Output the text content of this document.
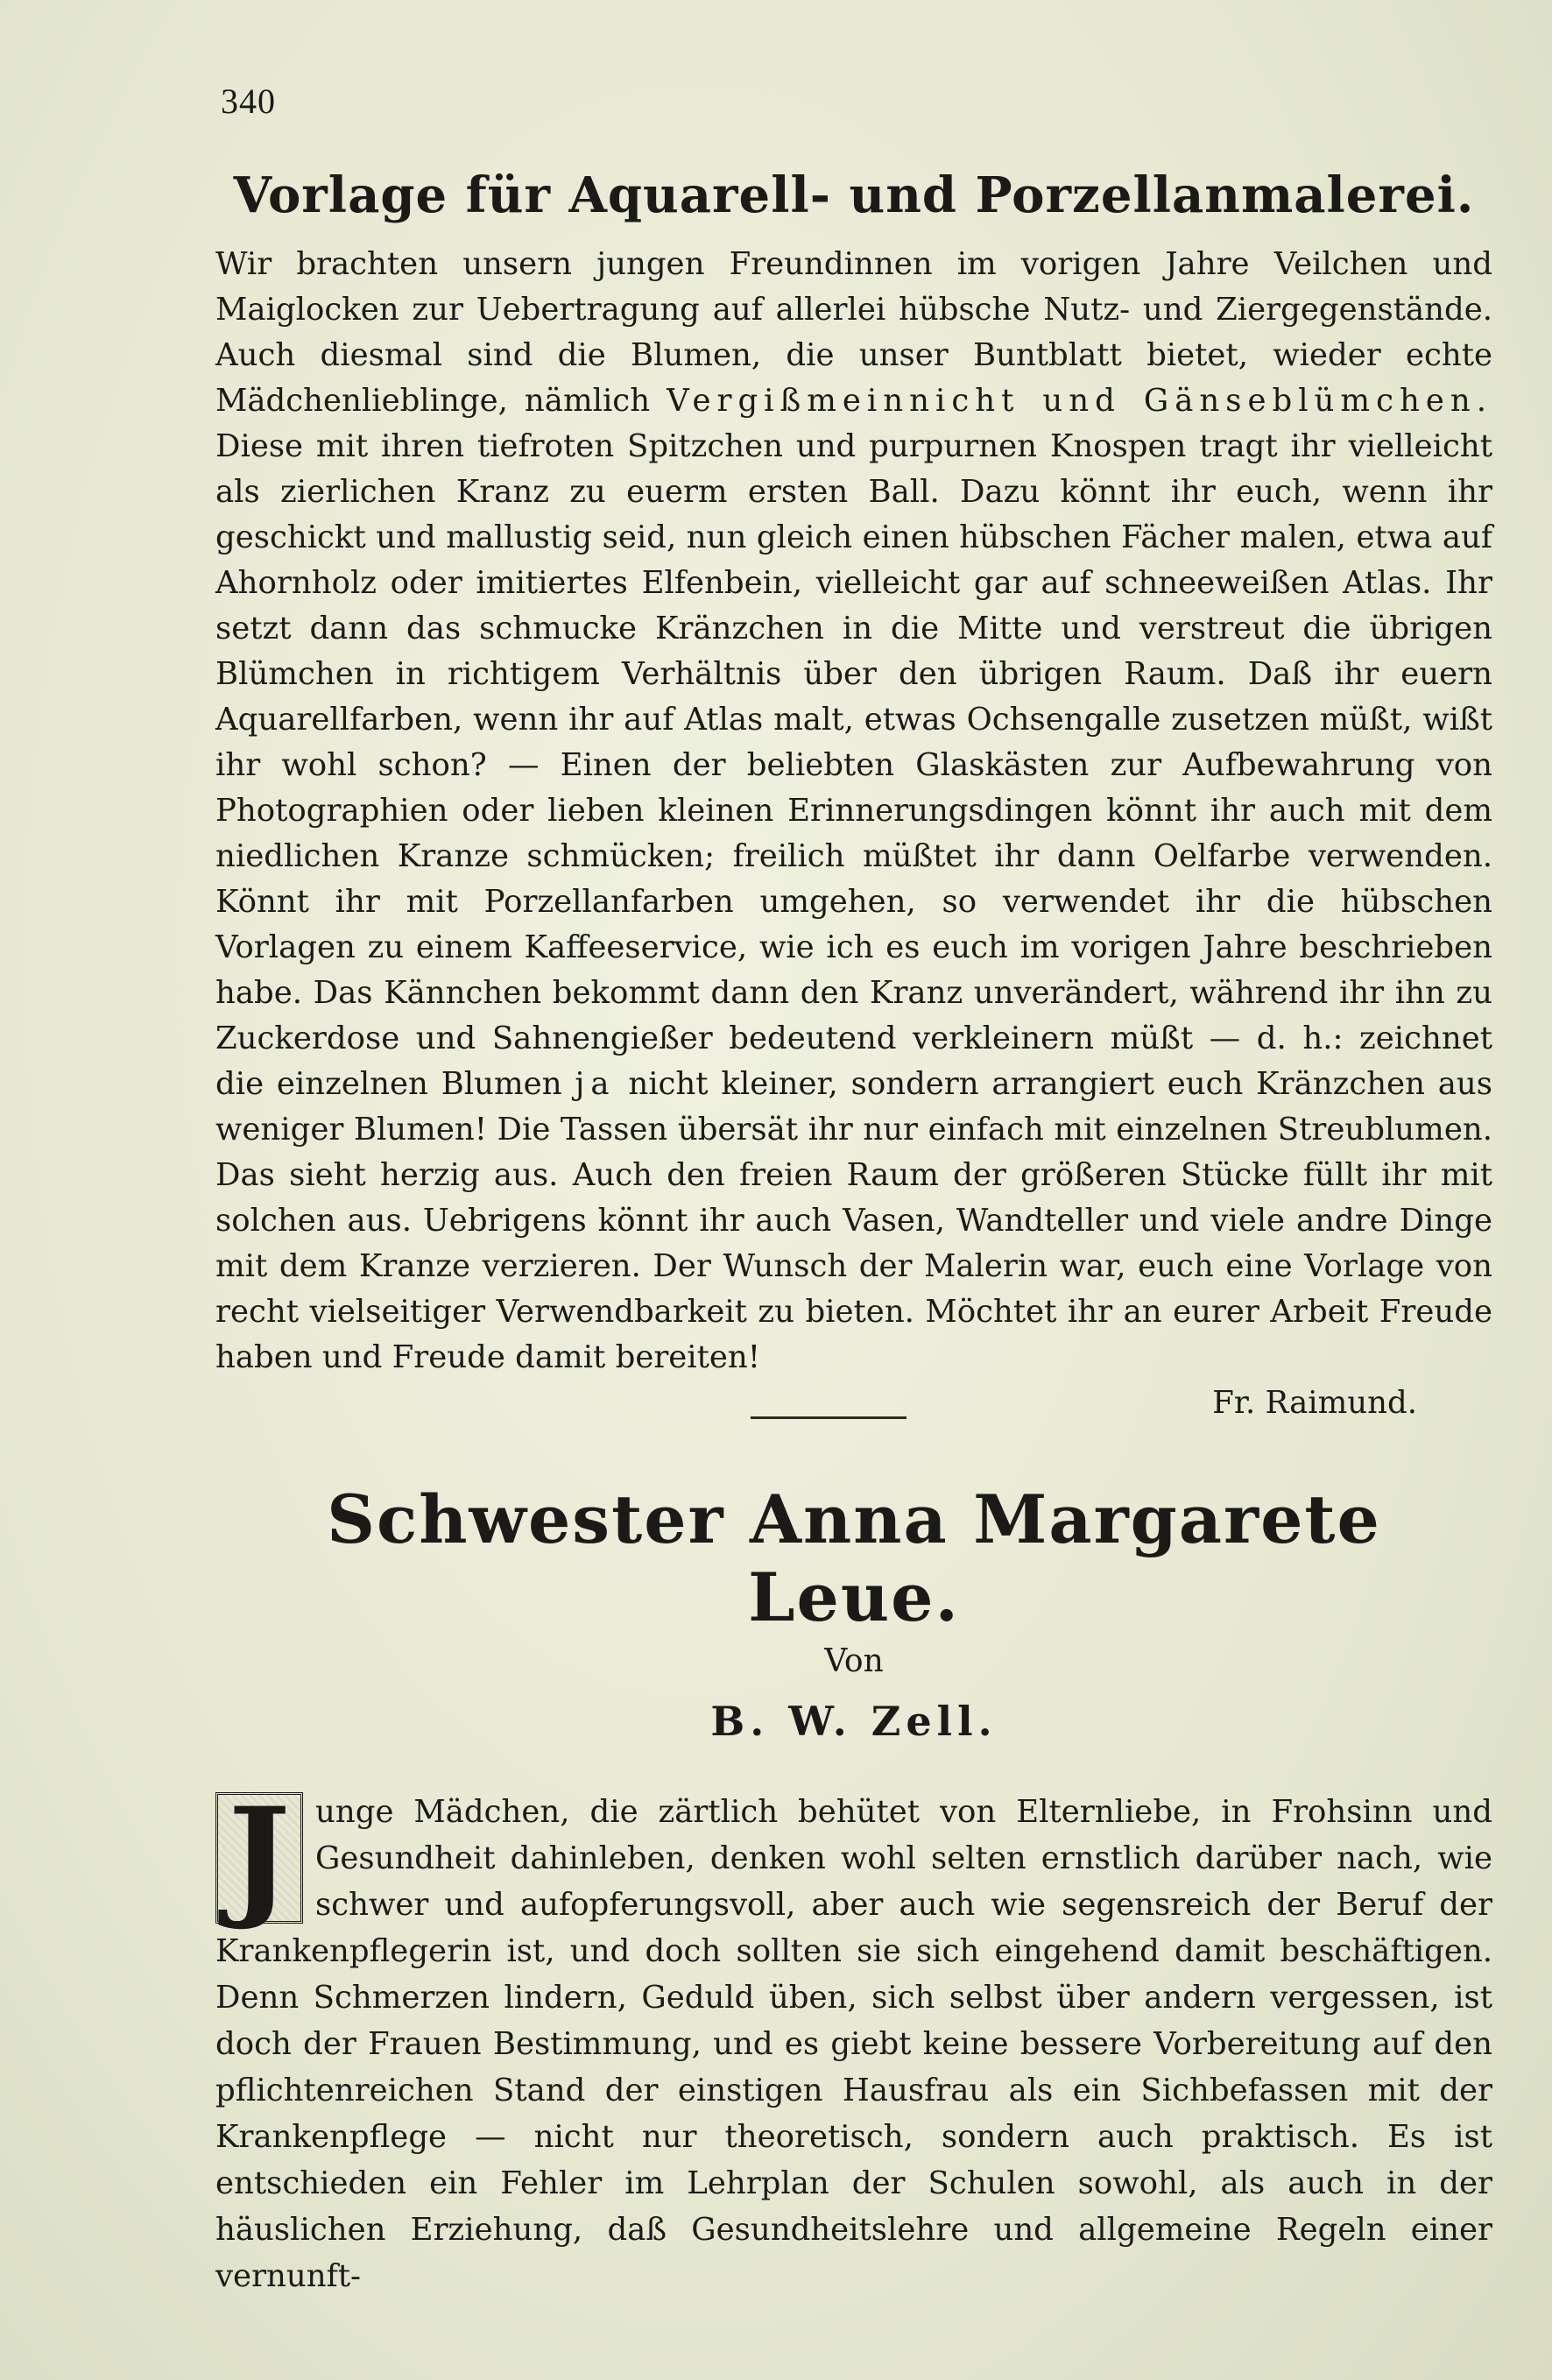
340
Vorlage für Aquarell- und Porzellanmalerei.

Wir brachten unsern jungen Freundinnen im vorigen Jahre Veilchen und Maiglocken zur Uebertragung auf allerlei hübsche Nutz- und Ziergegenstände. Auch diesmal sind die Blumen, die unser Buntblatt bietet, wieder echte Mädchenlieblinge, nämlich Vergißmeinnicht und Gänseblümchen. Diese mit ihren tiefroten Spitzchen und purpurnen Knospen tragt ihr vielleicht als zierlichen Kranz zu euerm ersten Ball. Dazu könnt ihr euch, wenn ihr geschickt und mallustig seid, nun gleich einen hübschen Fächer malen, etwa auf Ahornholz oder imitiertes Elfenbein, vielleicht gar auf schneeweißen Atlas. Ihr setzt dann das schmucke Kränzchen in die Mitte und verstreut die übrigen Blümchen in richtigem Verhältnis über den übrigen Raum. Daß ihr euern Aquarellfarben, wenn ihr auf Atlas malt, etwas Ochsengalle zusetzen müßt, wißt ihr wohl schon? — Einen der beliebten Glaskästen zur Aufbewahrung von Photographien oder lieben kleinen Erinnerungsdingen könnt ihr auch mit dem niedlichen Kranze schmücken; freilich müßtet ihr dann Oelfarbe verwenden. Könnt ihr mit Porzellanfarben umgehen, so verwendet ihr die hübschen Vorlagen zu einem Kaffeeservice, wie ich es euch im vorigen Jahre beschrieben habe. Das Kännchen bekommt dann den Kranz unverändert, während ihr ihn zu Zuckerdose und Sahnengießer bedeutend verkleinern müßt — d. h.: zeichnet die einzelnen Blumen ja nicht kleiner, sondern arrangiert euch Kränzchen aus weniger Blumen! Die Tassen übersät ihr nur einfach mit einzelnen Streublumen. Das sieht herzig aus. Auch den freien Raum der größeren Stücke füllt ihr mit solchen aus. Uebrigens könnt ihr auch Vasen, Wandteller und viele andre Dinge mit dem Kranze verzieren. Der Wunsch der Malerin war, euch eine Vorlage von recht vielseitiger Verwendbarkeit zu bieten. Möchtet ihr an eurer Arbeit Freude haben und Freude damit bereiten!

Fr. Raimund.
Schwester Anna Margarete Leue.
Von
B. W. Zell.
J unge Mädchen, die zärtlich behütet von Elternliebe, in Frohsinn und Gesundheit dahinleben, denken wohl selten ernstlich darüber nach, wie schwer und aufopferungsvoll, aber auch wie segensreich der Beruf der Krankenpflegerin ist, und doch sollten sie sich eingehend damit beschäftigen. Denn Schmerzen lindern, Geduld üben, sich selbst über andern vergessen, ist doch der Frauen Bestimmung, und es giebt keine bessere Vorbereitung auf den pflichtenreichen Stand der einstigen Hausfrau als ein Sichbefassen mit der Krankenpflege — nicht nur theoretisch, sondern auch praktisch. Es ist entschieden ein Fehler im Lehrplan der Schulen sowohl, als auch in der häuslichen Erziehung, daß Gesundheitslehre und allgemeine Regeln einer vernunft-
